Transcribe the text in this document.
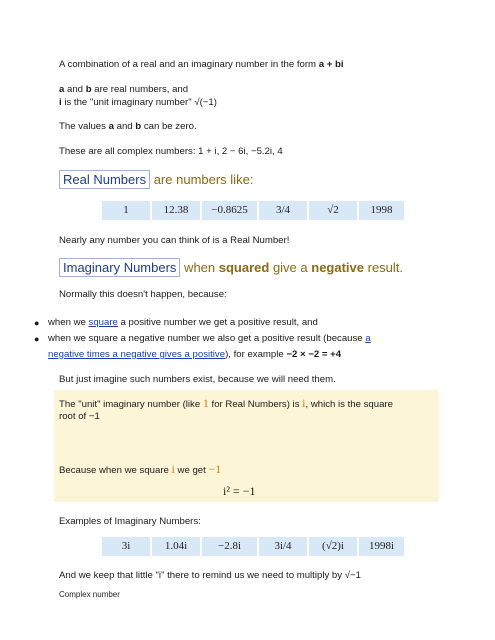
A combination of a real and an imaginary number in the form a + bi
a and b are real numbers, and
i is the "unit imaginary number" √(−1)
The values a and b can be zero.
These are all complex numbers: 1 + i, 2 − 6i, −5.2i, 4
Real Numbers are numbers like:
1	12.38	−0.8625	3/4	√2	1998
Nearly any number you can think of is a Real Number!
Imaginary Numbers when squared give a negative result.
Normally this doesn't happen, because:
● when we square a positive number we get a positive result, and
● when we square a negative number we also get a positive result (because a
negative times a negative gives a positive), for example −2 × −2 = +4
But just imagine such numbers exist, because we will need them.
The "unit" imaginary number (like 1 for Real Numbers) is i, which is the square
root of −1
Because when we square i we get −1
i² = −1
Examples of Imaginary Numbers:
3i	1.04i	−2.8i	3i/4	(√2)i	1998i
And we keep that little "i" there to remind us we need to multiply by √−1
Complex number
